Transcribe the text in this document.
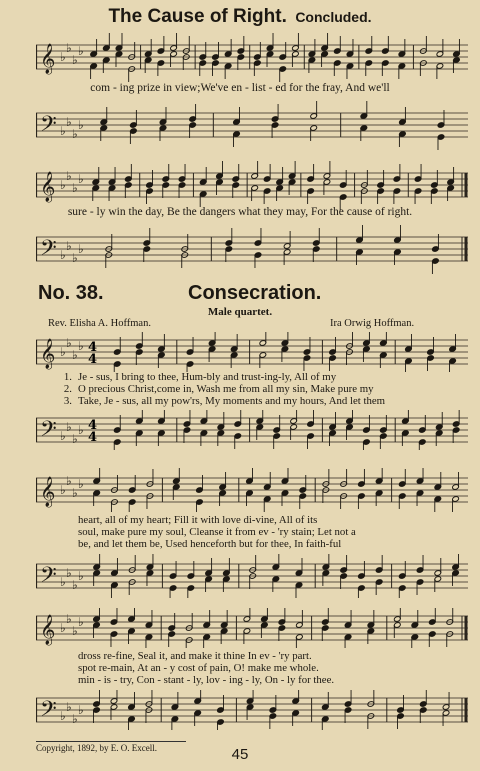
The Cause of Right. Concluded.
𝄞 ♭
♭
♭
♭
com - ing prize in view;We've en - list - ed for the fray, And we'll
𝄢 ♭
♭
♭
♭
𝄞 ♭
♭
♭
♭
sure - ly win the day, Be the dangers what they may, For the cause of right.
𝄢 ♭
♭
♭
♭
No. 38.	Consecration.
Male quartet.
Rev. Elisha A. Hoffman.	Ira Orwig Hoffman.
𝄞 ♭
♭
♭
♭ 4
4
1. Je - sus, I bring to thee, Hum-bly and trust-ing-ly, All of my
2. O precious Christ,come in, Wash me from all my sin, Make pure my
3. Take, Je - sus, all my pow'rs, My moments and my hours, And let them
𝄢 ♭
♭
♭
♭ 4
4
𝄞 ♭
♭
♭
♭
heart, all of my heart; Fill it with love di-vine, All of its
soul, make pure my soul, Cleanse it from ev - 'ry stain; Let not a
be, and let them be, Used henceforth but for thee, In faith-ful
𝄢 ♭
♭
♭
♭
𝄞 ♭
♭
♭
♭
dross re-fine, Seal it, and make it thine In ev - 'ry part.
spot re-main, At an - y cost of pain, O! make me whole.
min - is - try, Con - stant - ly, lov - ing - ly, On - ly for thee.
𝄢 ♭
♭
♭
♭
Copyright, 1892, by E. O. Excell.	45
